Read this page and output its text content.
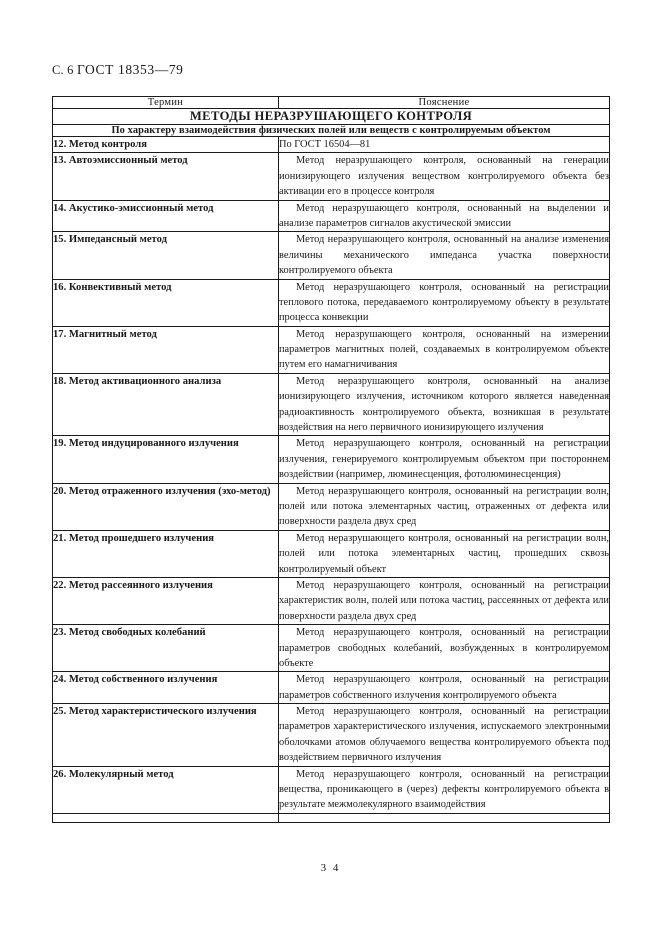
С. 6 ГОСТ 18353—79
Термин	Пояснение

МЕТОДЫ НЕРАЗРУШАЮЩЕГО КОНТРОЛЯ	

По характеру взаимодействия физических полей или веществ с контролируемым объектом	

12. Метод контроля	По ГОСТ 16504—81
13. Автоэмиссионный метод	Метод неразрушающего контроля, основанный на генерации ионизирующего излучения веществом контролируемого объекта без активации его в процессе контроля
14. Акустико-эмиссионный метод	Метод неразрушающего контроля, основанный на выделении и анализе параметров сигналов акустической эмиссии
15. Импедансный метод	Метод неразрушающего контроля, основанный на анализе изменения величины механического импеданса участка поверхности контролируемого объекта
16. Конвективный метод	Метод неразрушающего контроля, основанный на регистрации теплового потока, передаваемого контролируемому объекту в результате процесса конвекции
17. Магнитный метод	Метод неразрушающего контроля, основанный на измерении параметров магнитных полей, создаваемых в контролируемом объекте путем его намагничивания
18. Метод активационного анализа	Метод неразрушающего контроля, основанный на анализе ионизирующего излучения, источником которого является наведенная радиоактивность контролируемого объекта, возникшая в результате воздействия на него первичного ионизирующего излучения
19. Метод индуцированного излучения	Метод неразрушающего контроля, основанный на регистрации излучения, генерируемого контролируемым объектом при постороннем воздействии (например, люминесценция, фотолюминесценция)
20. Метод отраженного излучения (эхо-метод)	Метод неразрушающего контроля, основанный на регистрации волн, полей или потока элементарных частиц, отраженных от дефекта или поверхности раздела двух сред
21. Метод прошедшего излучения	Метод неразрушающего контроля, основанный на регистрации волн, полей или потока элементарных частиц, прошедших сквозь контролируемый объект
22. Метод рассеянного излучения	Метод неразрушающего контроля, основанный на регистрации характеристик волн, полей или потока частиц, рассеянных от дефекта или поверхности раздела двух сред
23. Метод свободных колебаний	Метод неразрушающего контроля, основанный на регистрации параметров свободных колебаний, возбужденных в контролируемом объекте
24. Метод собственного излучения	Метод неразрушающего контроля, основанный на регистрации параметров собственного излучения контролируемого объекта
25. Метод характеристического излучения	Метод неразрушающего контроля, основанный на регистрации параметров характеристического излучения, испускаемого электронными оболочками атомов облучаемого вещества контролируемого объекта под воздействием первичного излучения
26. Молекулярный метод	Метод неразрушающего контроля, основанный на регистрации вещества, проникающего в (через) дефекты контролируемого объекта в результате межмолекулярного взаимодействия

3 4
